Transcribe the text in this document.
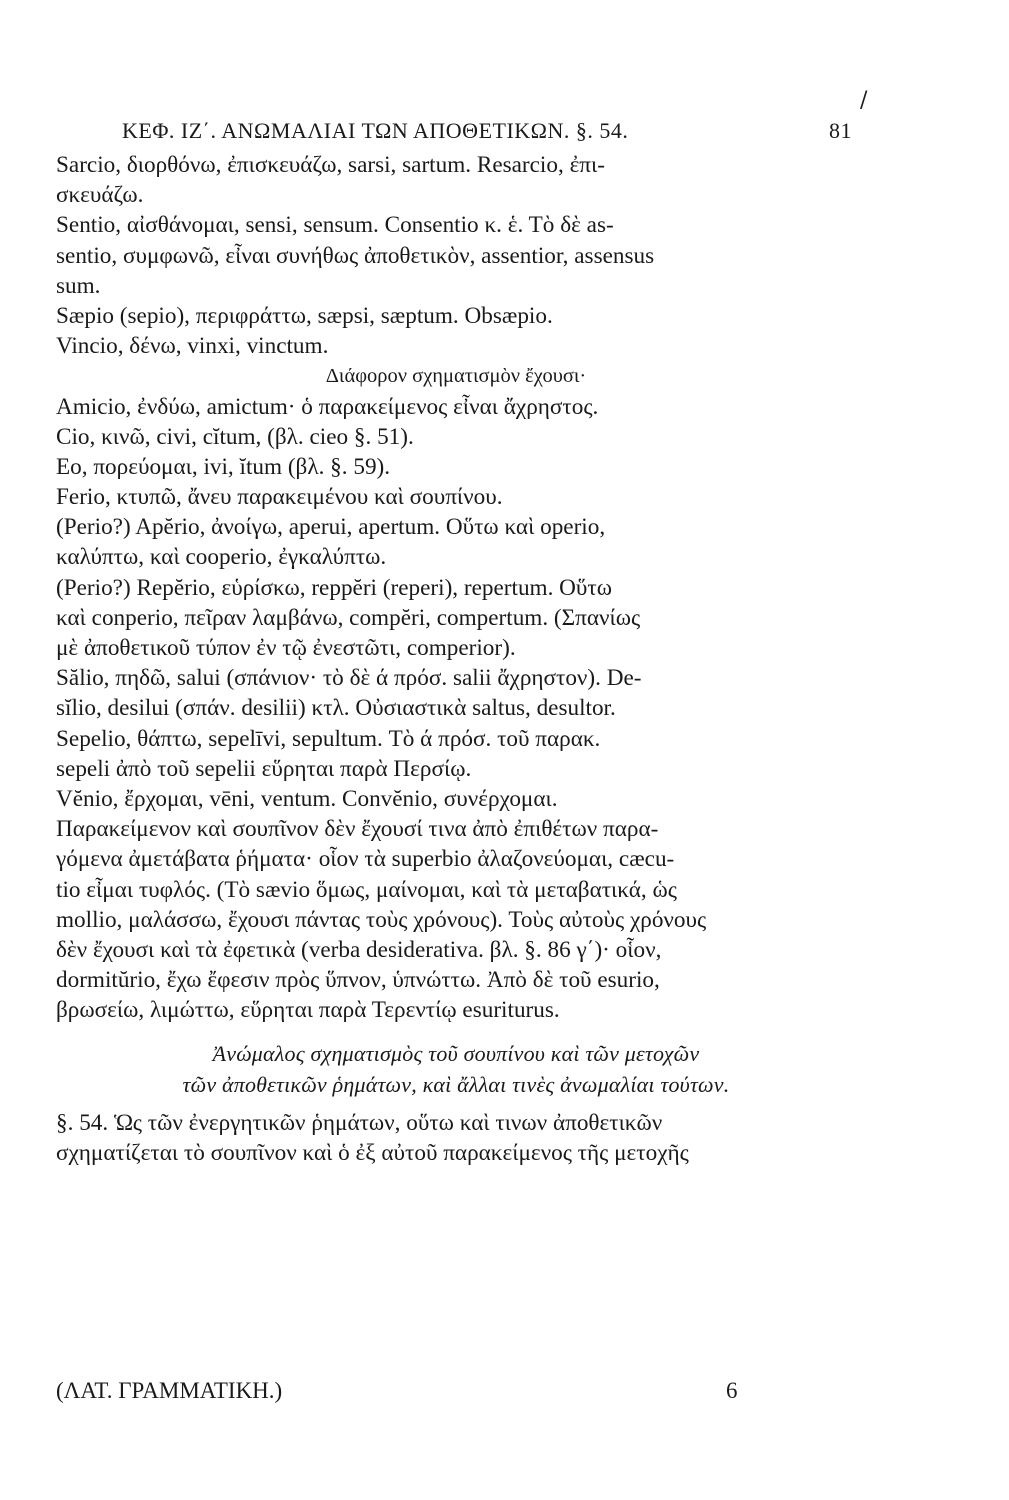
/
ΚΕΦ. ΙΖ΄. ΑΝΩΜΑΛΙΑΙ ΤΩΝ ΑΠΟΘΕΤΙΚΩΝ. §. 54.	81
Sarcio, διορθόνω, ἐπισκευάζω, sarsi, sartum. Resarcio, ἐπι-
σκευάζω.
Sentio, αἰσθάνομαι, sensi, sensum. Consentio κ. ἑ. Τὸ δὲ as-
sentio, συμφωνῶ, εἶναι συνήθως ἀποθετικὸν, assentior, assensus
sum.
Sæpio (sepio), περιφράττω, sæpsi, sæptum. Obsæpio.
Vincio, δένω, vinxi, vinctum.
Διάφορον σχηματισμὸν ἔχουσι·
Amicio, ἐνδύω, amictum· ὁ παρακείμενος εἶναι ἄχρηστος.
Cio, κινῶ, civi, cĭtum, (βλ. cieo §. 51).
Eo, πορεύομαι, ivi, ĭtum (βλ. §. 59).
Ferio, κτυπῶ, ἄνευ παρακειμένου καὶ σουπίνου.
(Perio?) Apĕrio, ἀνοίγω, aperui, apertum. Οὕτω καὶ operio,
καλύπτω, καὶ cooperio, ἐγκαλύπτω.
(Perio?) Repĕrio, εὑρίσκω, reppĕri (reperi), repertum. Οὕτω
καὶ conperio, πεῖραν λαμβάνω, compĕri, compertum. (Σπανίως
μὲ ἀποθετικοῦ τύπον ἐν τῷ ἐνεστῶτι, comperior).
Sălio, πηδῶ, salui (σπάνιον· τὸ δὲ ά πρόσ. salii ἄχρηστον). De-
sĭlio, desilui (σπάν. desilii) κτλ. Οὐσιαστικὰ saltus, desultor.
Sepelio, θάπτω, sepelīvi, sepultum. Τὸ ά πρόσ. τοῦ παρακ.
sepeli ἀπὸ τοῦ sepelii εὕρηται παρὰ Περσίῳ.
Vĕnio, ἔρχομαι, vēni, ventum. Convĕnio, συνέρχομαι.
Παρακείμενον καὶ σουπῖνον δὲν ἔχουσί τινα ἀπὸ ἐπιθέτων παρα-
γόμενα ἀμετάβατα ῥήματα· οἷον τὰ superbio ἀλαζονεύομαι, cæcu-
tio εἶμαι τυφλός. (Τὸ sævio ὅμως, μαίνομαι, καὶ τὰ μεταβατικά, ὡς
mollio, μαλάσσω, ἔχουσι πάντας τοὺς χρόνους). Τοὺς αὐτοὺς χρόνους
δὲν ἔχουσι καὶ τὰ ἐφετικὰ (verba desiderativa. βλ. §. 86 γ΄)· οἷον,
dormitŭrio, ἔχω ἔφεσιν πρὸς ὕπνον, ὑπνώττω. Ἀπὸ δὲ τοῦ esurio,
βρωσείω, λιμώττω, εὕρηται παρὰ Τερεντίῳ esuriturus.
Ἀνώμαλος σχηματισμὸς τοῦ σουπίνου καὶ τῶν μετοχῶν
τῶν ἀποθετικῶν ῥημάτων, καὶ ἄλλαι τινὲς ἀνωμαλίαι τούτων.
§. 54. Ὡς τῶν ἐνεργητικῶν ῥημάτων, οὕτω καὶ τινων ἀποθετικῶν
σχηματίζεται τὸ σουπῖνον καὶ ὁ ἐξ αὐτοῦ παρακείμενος τῆς μετοχῆς
(ΛΑΤ. ΓΡΑΜΜΑΤΙΚΗ.)	6
